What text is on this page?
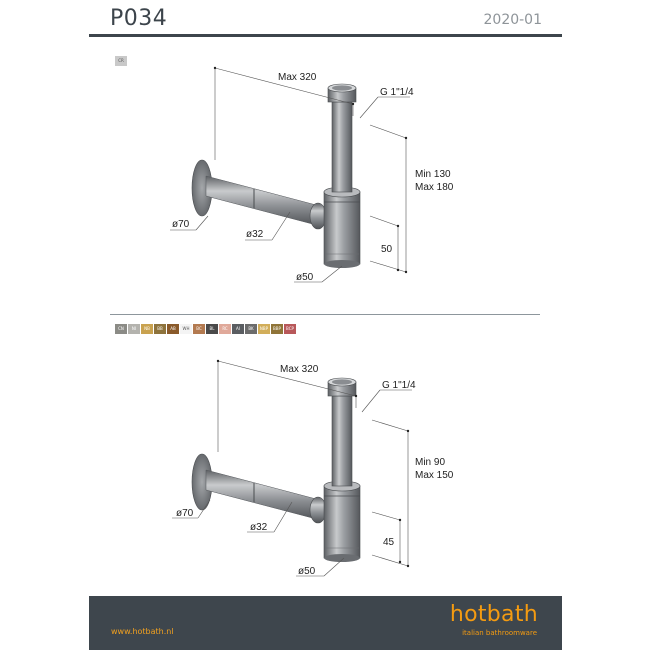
P034	2020-01
CR
Max 320
G 1"1/4
Min 130
Max 180
50
ø70
ø32
ø50
Max 320
G 1"1/4
Min 90
Max 150
45
ø70
ø32
ø50
CN	NI	NB	BB	AB	WH	BC	BL	RC	AI	BK	NBP	BBP	BCP
www.hotbath.nl
hotbath
italian bathroomware
